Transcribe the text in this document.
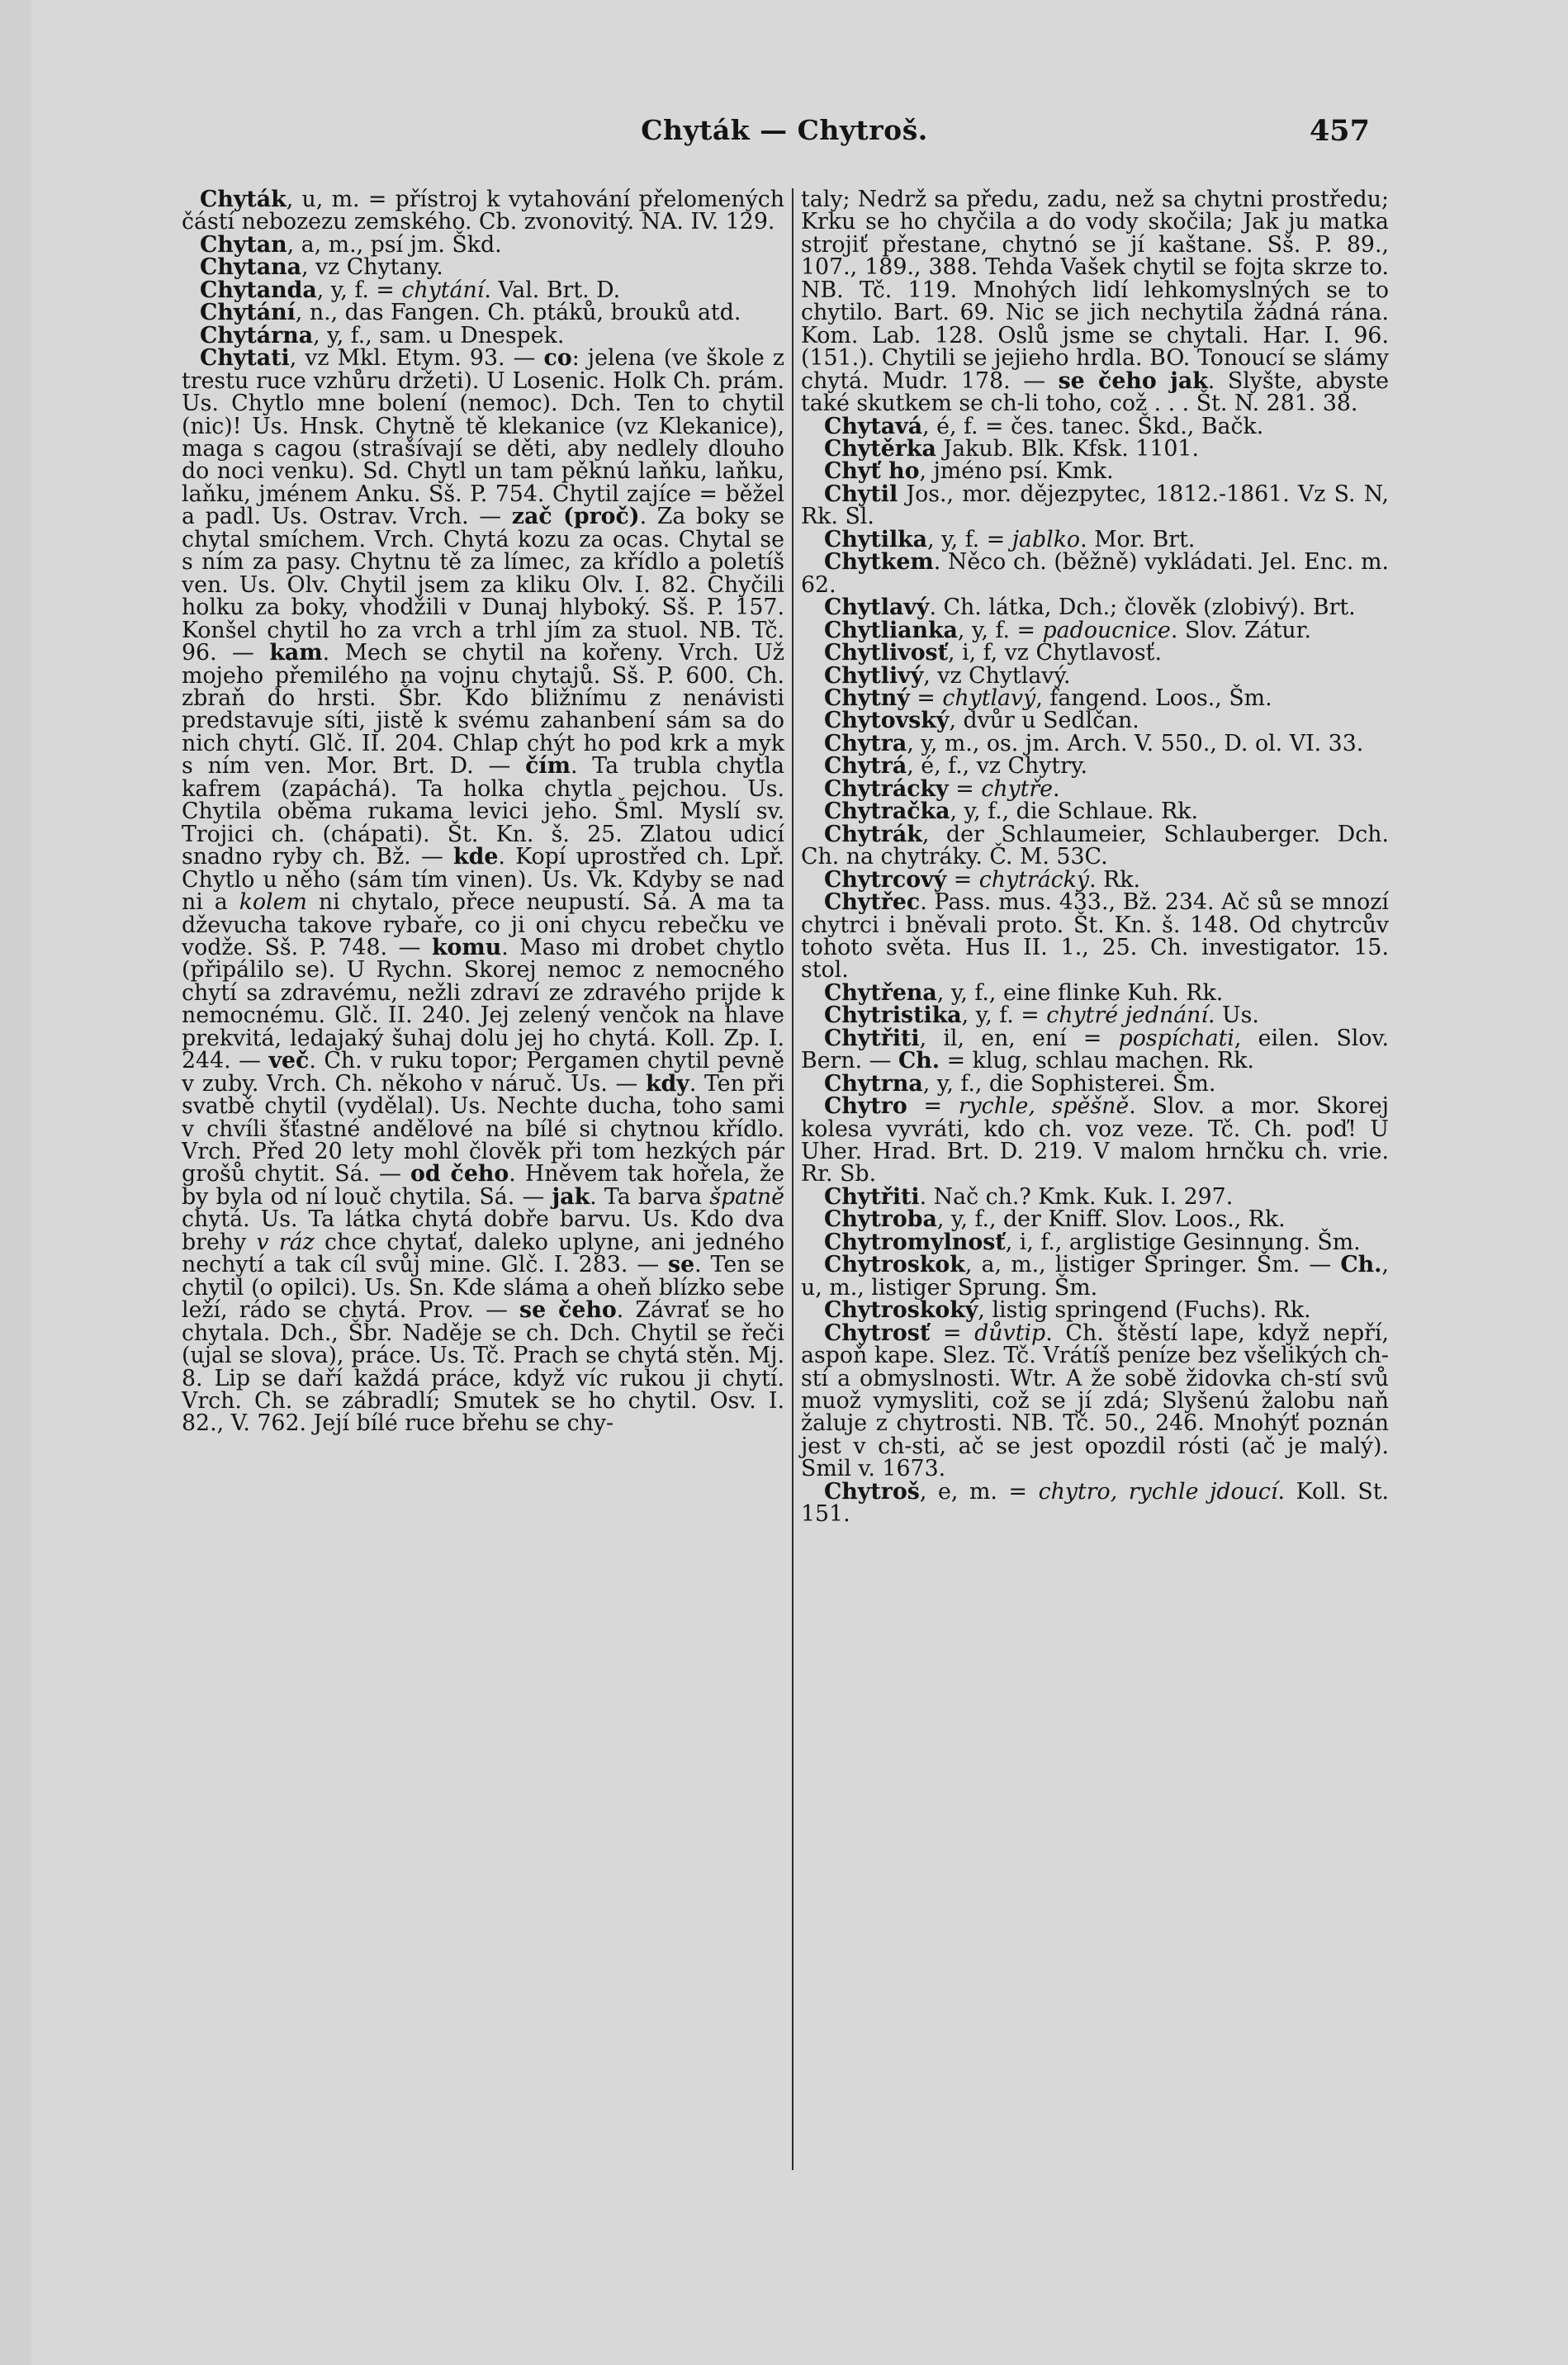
Chyták — Chytroš.	457

Chyták, u, m. = přístroj k vytahování přelomených částí nebozezu zemského. Cb. zvonovitý. NA. IV. 129.

Chytan, a, m., psí jm. Škd.

Chytana, vz Chytany.

Chytanda, y, f. = chytání. Val. Brt. D.

Chytání, n., das Fangen. Ch. ptáků, brouků atd.

Chytárna, y, f., sam. u Dnespek.

Chytati, vz Mkl. Etym. 93. — co: jelena (ve škole z trestu ruce vzhůru držeti). U Losenic. Holk Ch. prám. Us. Chytlo mne bolení (nemoc). Dch. Ten to chytil (nic)! Us. Hnsk. Chytně tě klekanice (vz Klekanice), maga s cagou (strašívají se děti, aby nedlely dlouho do noci venku). Sd. Chytl un tam pěknú laňku, laňku, laňku, jménem Anku. Sš. P. 754. Chytil zajíce = běžel a padl. Us. Ostrav. Vrch. — zač (proč). Za boky se chytal smíchem. Vrch. Chytá kozu za ocas. Chytal se s ním za pasy. Chytnu tě za límec, za křídlo a poletíš ven. Us. Olv. Chytil jsem za kliku Olv. I. 82. Chyčili holku za boky, vhodžili v Dunaj hlyboký. Sš. P. 157. Konšel chytil ho za vrch a trhl jím za stuol. NB. Tč. 96. — kam. Mech se chytil na kořeny. Vrch. Už mojeho přemilého na vojnu chytajů. Sš. P. 600. Ch. zbraň do hrsti. Šbr. Kdo bližnímu z nenávisti predstavuje síti, jistě k svému zahanbení sám sa do nich chytí. Glč. II. 204. Chlap chýt ho pod krk a myk s ním ven. Mor. Brt. D. — čím. Ta trubla chytla kafrem (zapáchá). Ta holka chytla pejchou. Us. Chytila oběma rukama levici jeho. Šml. Myslí sv. Trojici ch. (chápati). Št. Kn. š. 25. Zlatou udicí snadno ryby ch. Bž. — kde. Kopí uprostřed ch. Lpř. Chytlo u něho (sám tím vinen). Us. Vk. Kdyby se nad ni a kolem ni chytalo, přece neupustí. Sá. A ma ta dževucha takove rybaře, co ji oni chycu rebečku ve vodže. Sš. P. 748. — komu. Maso mi drobet chytlo (připálilo se). U Rychn. Skorej nemoc z nemocného chytí sa zdravému, nežli zdraví ze zdravého prijde k nemocnému. Glč. II. 240. Jej zelený venčok na hlave prekvitá, ledajaký šuhaj dolu jej ho chytá. Koll. Zp. I. 244. — več. Ch. v ruku topor; Pergamen chytil pevně v zuby. Vrch. Ch. někoho v náruč. Us. — kdy. Ten při svatbě chytil (vydělal). Us. Nechte ducha, toho sami v chvíli šťastné andělové na bílé si chytnou křídlo. Vrch. Před 20 lety mohl člověk při tom hezkých pár grošů chytit. Sá. — od čeho. Hněvem tak hořela, že by byla od ní louč chytila. Sá. — jak. Ta barva špatně chytá. Us. Ta látka chytá dobře barvu. Us. Kdo dva brehy v ráz chce chytať, daleko uplyne, ani jedného nechytí a tak cíl svůj mine. Glč. I. 283. — se. Ten se chytil (o opilci). Us. Sn. Kde sláma a oheň blízko sebe leží, rádo se chytá. Prov. — se čeho. Závrať se ho chytala. Dch., Šbr. Naděje se ch. Dch. Chytil se řeči (ujal se slova), práce. Us. Tč. Prach se chytá stěn. Mj. 8. Lip se daří každá práce, když víc rukou ji chytí. Vrch. Ch. se zábradlí; Smutek se ho chytil. Osv. I. 82., V. 762. Její bílé ruce břehu se chy-

taly; Nedrž sa předu, zadu, než sa chytni prostředu; Krku se ho chyčila a do vody skočila; Jak ju matka strojiť přestane, chytnó se jí kaštane. Sš. P. 89., 107., 189., 388. Tehda Vašek chytil se fojta skrze to. NB. Tč. 119. Mnohých lidí lehkomyslných se to chytilo. Bart. 69. Nic se jich nechytila žádná rána. Kom. Lab. 128. Oslů jsme se chytali. Har. I. 96. (151.). Chytili se jejieho hrdla. BO. Tonoucí se slámy chytá. Mudr. 178. — se čeho jak. Slyšte, abyste také skutkem se ch-li toho, což . . . Št. N. 281. 38.

Chytavá, é, f. = čes. tanec. Škd., Bačk.

Chytěrka Jakub. Blk. Kfsk. 1101.

Chyť ho, jméno psí. Kmk.

Chytil Jos., mor. dějezpytec, 1812.-1861. Vz S. N, Rk. Sl.

Chytilka, y, f. = jablko. Mor. Brt.

Chytkem. Něco ch. (běžně) vykládati. Jel. Enc. m. 62.

Chytlavý. Ch. látka, Dch.; člověk (zlobivý). Brt.

Chytlianka, y, f. = padoucnice. Slov. Zátur.

Chytlivosť, i, f, vz Chytlavosť.

Chytlivý, vz Chytlavý.

Chytný = chytlavý, fangend. Loos., Šm.

Chytovský, dvůr u Sedlčan.

Chytra, y, m., os. jm. Arch. V. 550., D. ol. VI. 33.

Chytrá, é, f., vz Chytry.

Chytrácky = chytře.

Chytračka, y, f., die Schlaue. Rk.

Chytrák, der Schlaumeier, Schlauberger. Dch. Ch. na chytráky. Č. M. 53C.

Chytrcový = chytrácký. Rk.

Chytřec. Pass. mus. 433., Bž. 234. Ač sů se mnozí chytrci i bněvali proto. Št. Kn. š. 148. Od chytrcův tohoto světa. Hus II. 1., 25. Ch. investigator. 15. stol.

Chytřena, y, f., eine flinke Kuh. Rk.

Chytristika, y, f. = chytré jednání. Us.

Chytřiti, il, en, ení = pospíchati, eilen. Slov. Bern. — Ch. = klug, schlau machen. Rk.

Chytrna, y, f., die Sophisterei. Šm.

Chytro = rychle, spěšně. Slov. a mor. Skorej kolesa vyvráti, kdo ch. voz veze. Tč. Ch. poď! U Uher. Hrad. Brt. D. 219. V malom hrnčku ch. vrie. Rr. Sb.

Chytřiti. Nač ch.? Kmk. Kuk. I. 297.

Chytroba, y, f., der Kniff. Slov. Loos., Rk.

Chytromylnosť, i, f., arglistige Gesinnung. Šm.

Chytroskok, a, m., listiger Springer. Šm. — Ch., u, m., listiger Sprung. Šm.

Chytroskoký, listig springend (Fuchs). Rk.

Chytrosť = důvtip. Ch. štěstí lape, když nepří, aspoň kape. Slez. Tč. Vrátíš peníze bez všelikých ch-stí a obmyslnosti. Wtr. A že sobě židovka ch-stí svů muož vymysliti, což se jí zdá; Slyšenú žalobu naň žaluje z chytrosti. NB. Tč. 50., 246. Mnohýť poznán jest v ch-sti, ač se jest opozdil rósti (ač je malý). Smil v. 1673.

Chytroš, e, m. = chytro, rychle jdoucí. Koll. St. 151.
